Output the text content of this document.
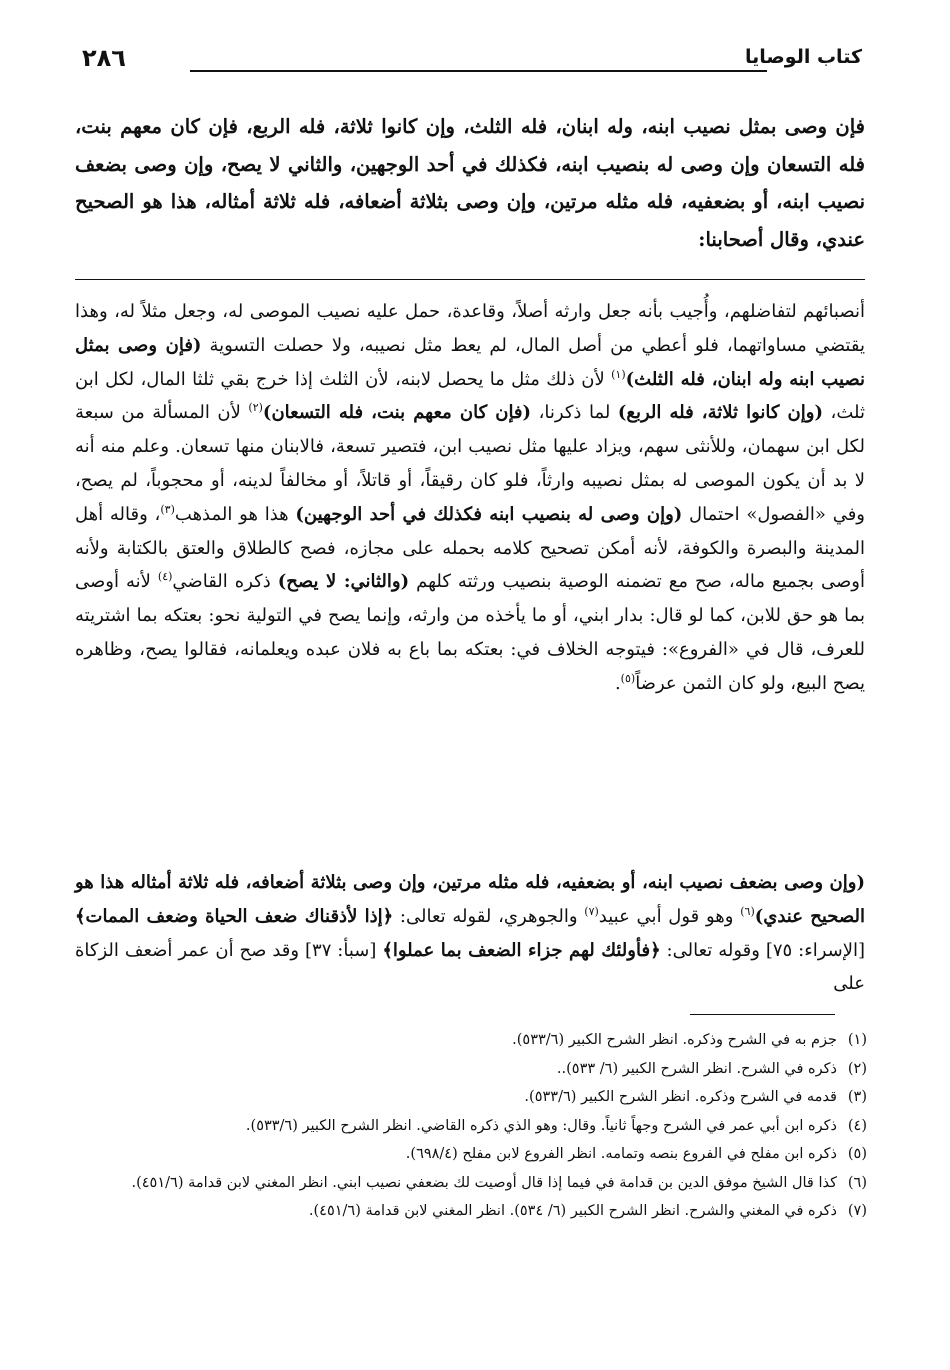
٢٨٦	كتاب الوصايا
فإن وصى بمثل نصيب ابنه، وله ابنان، فله الثلث، وإن كانوا ثلاثة، فله الربع، فإن كان معهم بنت، فله التسعان وإن وصى له بنصيب ابنه، فكذلك في أحد الوجهين، والثاني لا يصح، وإن وصى بضعف نصيب ابنه، أو بضعفيه، فله مثله مرتين، وإن وصى بثلاثة أضعافه، فله ثلاثة أمثاله، هذا هو الصحيح عندي، وقال أصحابنا:
أنصبائهم لتفاضلهم، وأُجيب بأنه جعل وارثه أصلاً، وقاعدة، حمل عليه نصيب الموصى له، وجعل مثلاً له، وهذا يقتضي مساواتهما، فلو أعطي من أصل المال، لم يعط مثل نصيبه، ولا حصلت التسوية (فإن وصى بمثل نصيب ابنه وله ابنان، فله الثلث)$^{(١)}$ لأن ذلك مثل ما يحصل لابنه، لأن الثلث إذا خرج بقي ثلثا المال، لكل ابن ثلث، (وإن كانوا ثلاثة، فله الربع) لما ذكرنا، (فإن كان معهم بنت، فله التسعان)$^{(٢)}$ لأن المسألة من سبعة لكل ابن سهمان، وللأنثى سهم، ويزاد عليها مثل نصيب ابن، فتصير تسعة، فالابنان منها تسعان. وعلم منه أنه لا بد أن يكون الموصى له بمثل نصيبه وارثاً، فلو كان رقيقاً، أو قاتلاً، أو مخالفاً لدينه، أو محجوباً، لم يصح، وفي «الفصول» احتمال (وإن وصى له بنصيب ابنه فكذلك في أحد الوجهين) هذا هو المذهب$^{(٣)}$، وقاله أهل المدينة والبصرة والكوفة، لأنه أمكن تصحيح كلامه بحمله على مجازه، فصح كالطلاق والعتق بالكتابة ولأنه أوصى بجميع ماله، صح مع تضمنه الوصية بنصيب ورثته كلهم (والثاني: لا يصح) ذكره القاضي$^{(٤)}$ لأنه أوصى بما هو حق للابن، كما لو قال: بدار ابني، أو ما يأخذه من وارثه، وإنما يصح في التولية نحو: بعتكه بما اشتريته للعرف، قال في «الفروع»: فيتوجه الخلاف في: بعتكه بما باع به فلان عبده ويعلمانه، فقالوا يصح، وظاهره يصح البيع، ولو كان الثمن عرضاً$^{(٥)}$.
(وإن وصى بضعف نصيب ابنه، أو بضعفيه، فله مثله مرتين، وإن وصى بثلاثة أضعافه، فله ثلاثة أمثاله هذا هو الصحيح عندي)$^{(٦)}$ وهو قول أبي عبيد$^{(٧)}$ والجوهري، لقوله تعالى: ﴿إذا لأذقناك ضعف الحياة وضعف الممات﴾ [الإسراء: ٧٥] وقوله تعالى: ﴿فأولئك لهم جزاء الضعف بما عملوا﴾ [سبأ: ٣٧] وقد صح أن عمر أضعف الزكاة على
(١)
جزم به في الشرح وذكره. انظر الشرح الكبير (٥٣٣/٦).
(٢)
ذكره في الشرح. انظر الشرح الكبير (٦/ ٥٣٣)..
(٣)
قدمه في الشرح وذكره. انظر الشرح الكبير (٥٣٣/٦).
(٤)
ذكره ابن أبي عمر في الشرح وجهاً ثانياً. وقال: وهو الذي ذكره القاضي. انظر الشرح الكبير (٥٣٣/٦).
(٥)
ذكره ابن مفلح في الفروع بنصه وتمامه. انظر الفروع لابن مفلح (٦٩٨/٤).
(٦)
كذا قال الشيخ موفق الدين بن قدامة في فيما إذا قال أوصيت لك بضعفي نصيب ابني. انظر المغني لابن قدامة (٤٥١/٦).
(٧)
ذكره في المغني والشرح. انظر الشرح الكبير (٦/ ٥٣٤). انظر المغني لابن قدامة (٤٥١/٦).
